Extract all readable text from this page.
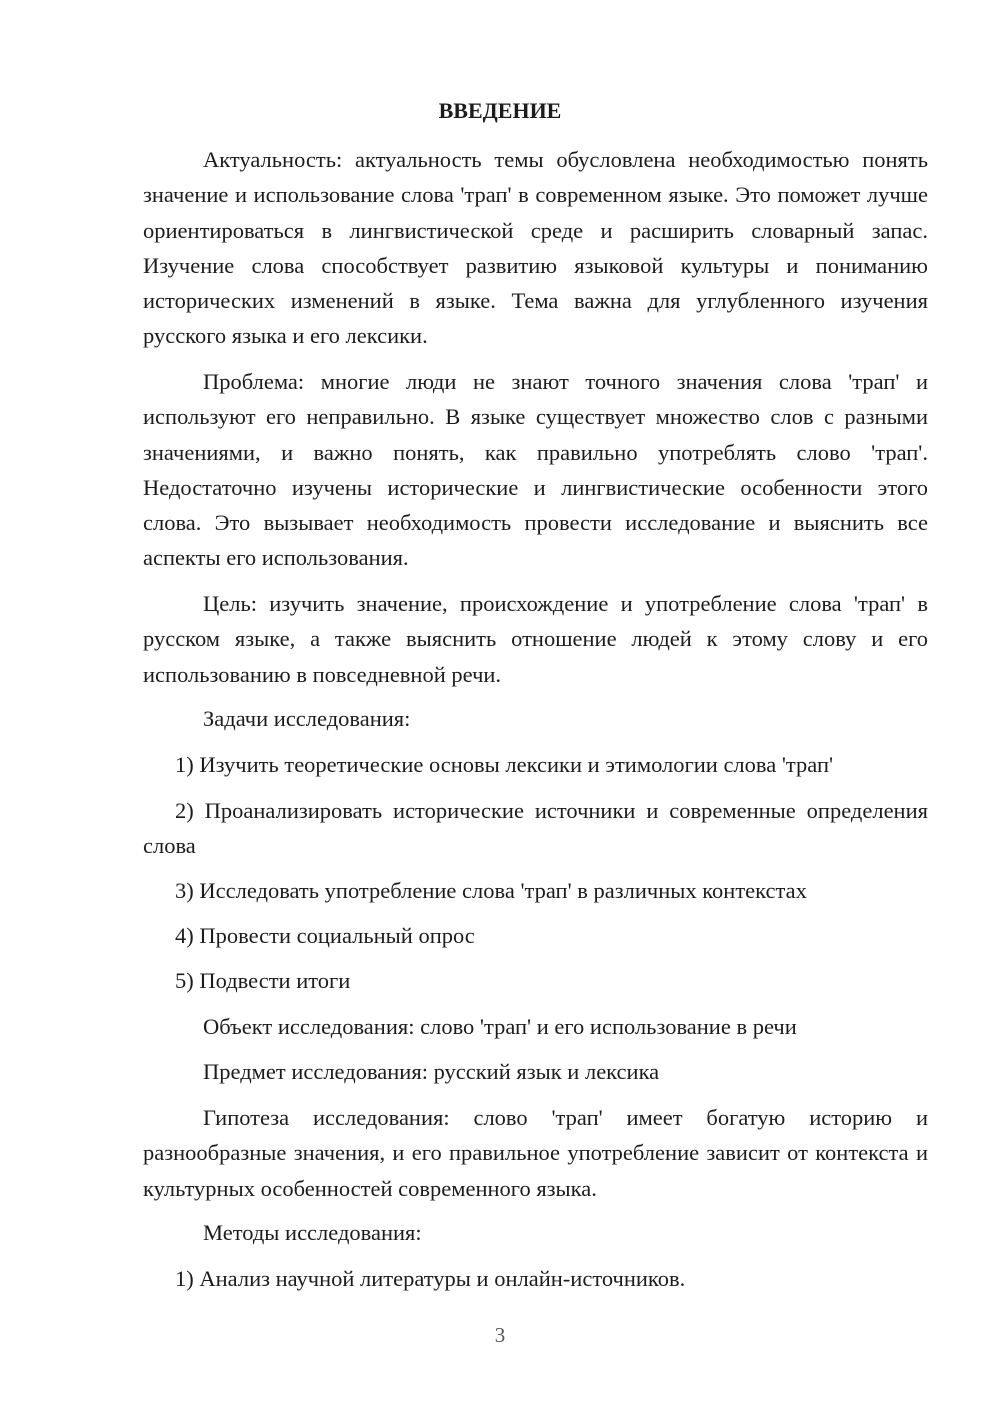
ВВЕДЕНИЕ

Актуальность: актуальность темы обусловлена необходимостью понять значение и использование слова 'трап' в современном языке. Это поможет лучше ориентироваться в лингвистической среде и расширить словарный запас. Изучение слова способствует развитию языковой культуры и пониманию исторических изменений в языке. Тема важна для углубленного изучения русского языка и его лексики.

Проблема: многие люди не знают точного значения слова 'трап' и используют его неправильно. В языке существует множество слов с разными значениями, и важно понять, как правильно употреблять слово 'трап'. Недостаточно изучены исторические и лингвистические особенности этого слова. Это вызывает необходимость провести исследование и выяснить все аспекты его использования.

Цель: изучить значение, происхождение и употребление слова 'трап' в русском языке, а также выяснить отношение людей к этому слову и его использованию в повседневной речи.

Задачи исследования:
1) Изучить теоретические основы лексики и этимологии слова 'трап'

2) Проанализировать исторические источники и современные определения слова

3) Исследовать употребление слова 'трап' в различных контекстах
4) Провести социальный опрос
5) Подвести итоги
Объект исследования: слово 'трап' и его использование в речи
Предмет исследования: русский язык и лексика

Гипотеза исследования: слово 'трап' имеет богатую историю и разнообразные значения, и его правильное употребление зависит от контекста и культурных особенностей современного языка.

Методы исследования:
1) Анализ научной литературы и онлайн-источников.
3
